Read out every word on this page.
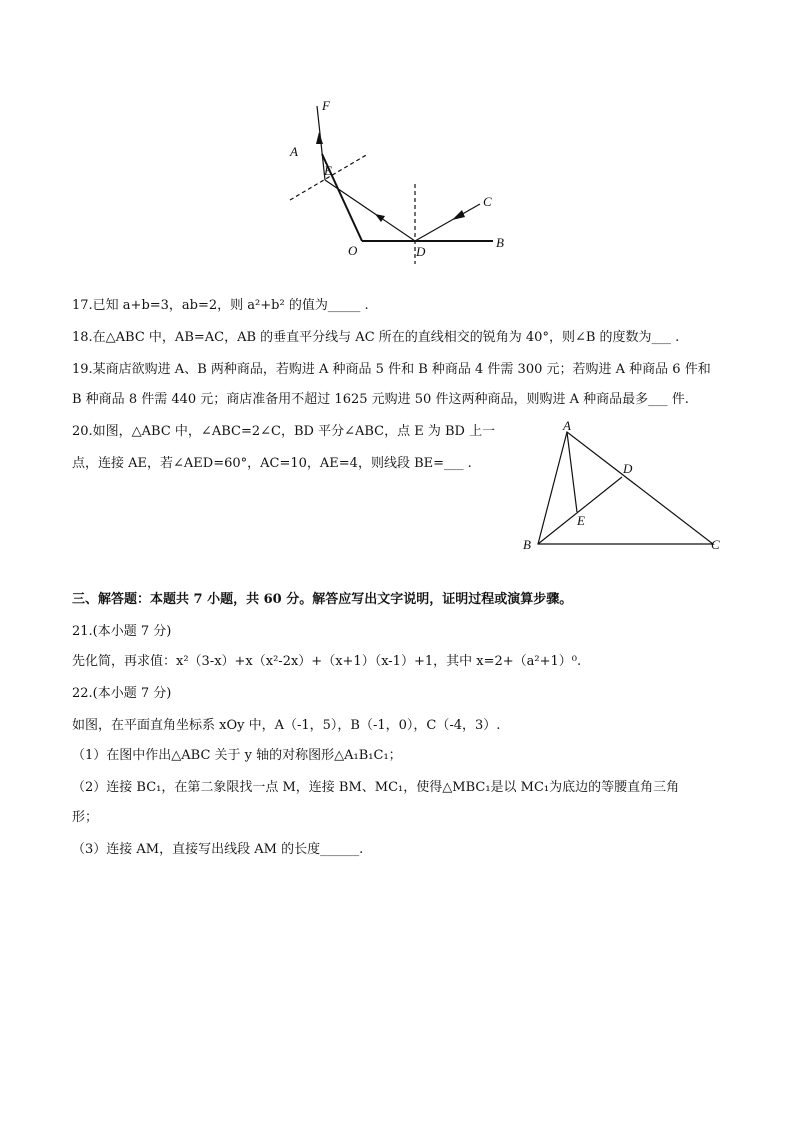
F
A
E
C
O	D
B
17.已知 a+b=3，ab=2，则 a²+b² 的值为_____ .
18.在△ABC 中，AB=AC，AB 的垂直平分线与 AC 所在的直线相交的锐角为 40°，则∠B 的度数为___ .
19.某商店欲购进 A、B 两种商品，若购进 A 种商品 5 件和 B 种商品 4 件需 300 元；若购进 A 种商品 6 件和
B 种商品 8 件需 440 元；商店准备用不超过 1625 元购进 50 件这两种商品，则购进 A 种商品最多___ 件.
20.如图，△ABC 中，∠ABC=2∠C，BD 平分∠ABC，点 E 为 BD 上一
点，连接 AE，若∠AED=60°，AC=10，AE=4，则线段 BE=___ .
A
D
E
B	C
三、解答题：本题共 7 小题，共 60 分。解答应写出文字说明，证明过程或演算步骤。
21.(本小题 7 分)
先化简，再求值：x²（3-x）+x（x²-2x）+（x+1）（x-1）+1，其中 x=2+（a²+1）⁰.
22.(本小题 7 分)
如图，在平面直角坐标系 xOy 中，A（-1，5），B（-1，0），C（-4，3）.
（1）在图中作出△ABC 关于 y 轴的对称图形△A₁B₁C₁；
（2）连接 BC₁，在第二象限找一点 M，连接 BM、MC₁，使得△MBC₁是以 MC₁为底边的等腰直角三角
形；
（3）连接 AM，直接写出线段 AM 的长度______.
